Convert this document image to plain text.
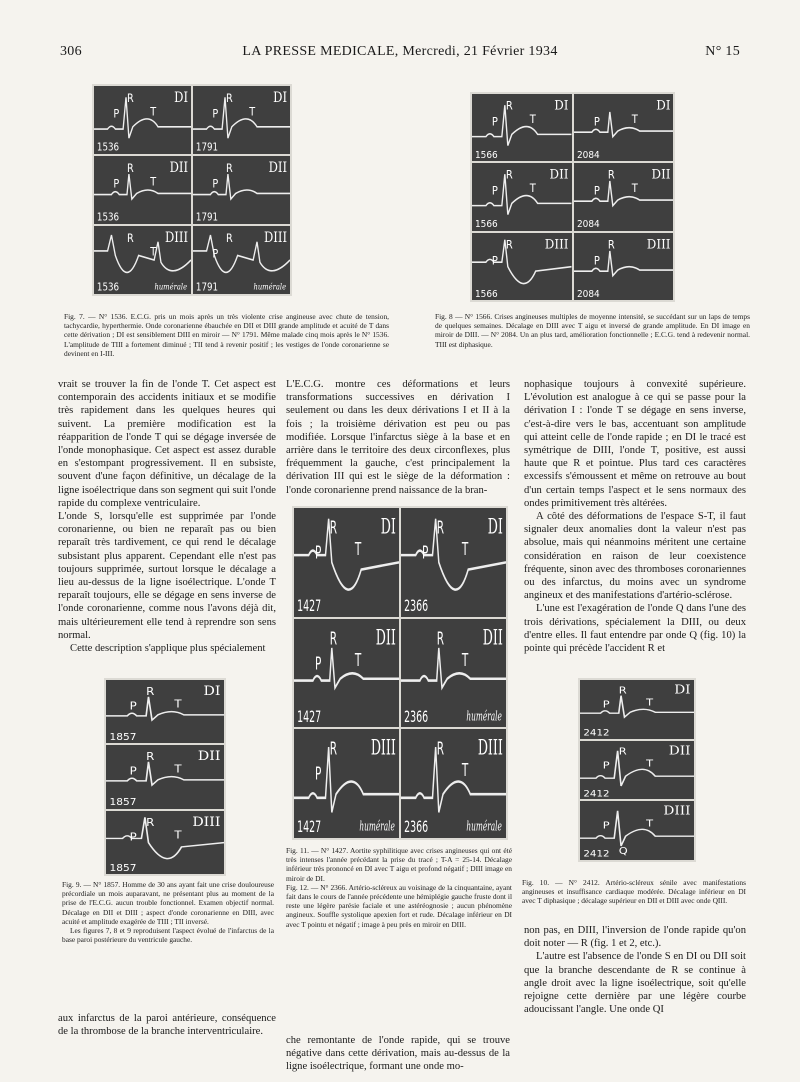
306	LA PRESSE MEDICALE, Mercredi, 21 Février 1934	N° 15
DI
P
R
T
1536
DI
P
R
T
1791
DII
P
R
T
1536
DII
P
R
1791
DIII
R
T
1536	humérale
DIII
P
R
1791	humérale
DI
P
R
T
1566
DI
P	T
2084
DII
P
R
T
1566
DII
P
R
T
2084
DIII
P
R
1566
DIII
P
R
2084
DI
P
R
T
1857
DII
P
R
T
1857
DIII
P
R
T
1857
DI
R
P	T
1427
DI
R
P	T
2366
DII
R
P	T
1427
DII
R
T
2366	humérale
DIII
R
P
1427	humérale
DIII
R
T
2366	humérale
DI
P
R
T
2412
DII
P
R
T
2412
DIII
P
Q
T
2412
Fig. 7. — N° 1536. E.C.G. pris un mois après un très violente crise angineuse avec chute de tension, tachycardie, hyperthermie. Onde coronarienne ébauchée en DII et DIII grande amplitude et acuité de T dans cette dérivation ; DI est sensiblement DIII en miroir — N° 1791. Même malade cinq mois après le N° 1536. L'amplitude de TIII a fortement diminué ; TII tend à revenir positif ; les vestiges de l'onde coronarienne se devinent en I-III.
Fig. 8 — N° 1566. Crises angineuses multiples de moyenne intensité, se succédant sur un laps de temps de quelques semaines. Décalage en DIII avec T aigu et inversé de grande amplitude. En DI image en miroir de DIII. — N° 2084. Un an plus tard, amélioration fonctionnelle ; E.C.G. tend à redevenir normal. TIII est diphasique.
Fig. 9. — N° 1857. Homme de 30 ans ayant fait une crise douloureuse précordiale un mois auparavant, ne présentant plus au moment de la prise de l'E.C.G. aucun trouble fonctionnel. Examen objectif normal. Décalage en DII et DIII ; aspect d'onde coronarienne en DIII, avec acuité et amplitude exagérée de TIII ; TII inversé.
Les figures 7, 8 et 9 reproduisent l'aspect évolué de l'infarctus de la base paroi postérieure du ventricule gauche.
Fig. 11. — N° 1427. Aortite syphilitique avec crises angineuses qui ont été très intenses l'année précédant la prise du tracé ; T-A = 25-14. Décalage inférieur très prononcé en DI avec T aigu et profond négatif ; DIII image en miroir de DI.
Fig. 12. — N° 2366. Artério-scléreux au voisinage de la cinquantaine, ayant fait dans le cours de l'année précédente une hémiplégie gauche fruste dont il reste une légère parésie faciale et une astéréognosie ; aucun phénomène angineux. Souffle systolique apexien fort et rude. Décalage inférieur en DI avec T pointu et négatif ; image à peu près en miroir en DIII.
Fig. 10. — N° 2412. Artério-scléreux sénile avec manifestations angineuses et insuffisance cardiaque modérée. Décalage inférieur en DI avec T diphasique ; décalage supérieur en DII et DIII avec onde QIII.

vrait se trouver la fin de l'onde T. Cet aspect est contemporain des accidents initiaux et se modifie très rapidement dans les quelques heures qui suivent. La première modification est la réapparition de l'onde T qui se dégage inversée de l'onde monophasique. Cet aspect est assez durable en s'estompant progressivement. Il en subsiste, souvent d'une façon définitive, un décalage de la ligne isoélectrique dans son segment qui suit l'onde rapide du complexe ventriculaire.

L'onde S, lorsqu'elle est supprimée par l'onde coronarienne, ou bien ne reparaît pas ou bien reparaît très tardivement, ce qui rend le décalage subsistant plus apparent. Cependant elle n'est pas toujours supprimée, surtout lorsque le décalage a lieu au-dessus de la ligne isoélectrique. L'onde T reparaît toujours, elle se dégage en sens inverse de l'onde coronarienne, comme nous l'avons déjà dit, mais ultérieurement elle tend à reprendre son sens normal.

Cette description s'applique plus spécialement

aux infarctus de la paroi antérieure, conséquence de la thrombose de la branche interventriculaire.

L'E.C.G. montre ces déformations et leurs transformations successives en dérivation I seulement ou dans les deux dérivations I et II à la fois ; la troisième dérivation est peu ou pas modifiée. Lorsque l'infarctus siège à la base et en arrière dans le territoire des deux circonflexes, plus fréquemment la gauche, c'est principalement la dérivation III qui est le siège de la déformation : l'onde coronarienne prend naissance de la bran-

che remontante de l'onde rapide, qui se trouve négative dans cette dérivation, mais au-dessus de la ligne isoélectrique, formant une onde mo-

nophasique toujours à convexité supérieure. L'évolution est analogue à ce qui se passe pour la dérivation I : l'onde T se dégage en sens inverse, c'est-à-dire vers le bas, accentuant son amplitude qui atteint celle de l'onde rapide ; en DI le tracé est symétrique de DIII, l'onde T, positive, est aussi haute que R et pointue. Plus tard ces caractères excessifs s'émoussent et même on retrouve au bout d'un certain temps l'aspect et le sens normaux des ondes primitivement très altérées.

A côté des déformations de l'espace S-T, il faut signaler deux anomalies dont la valeur n'est pas absolue, mais qui néanmoins méritent une certaine considération en raison de leur coexistence fréquente, sinon avec des thromboses coronariennes ou des infarctus, du moins avec un syndrome angineux et des manifestations d'artério-sclérose.

L'une est l'exagération de l'onde Q dans l'une des trois dérivations, spécialement la DIII, ou deux d'entre elles. Il faut entendre par onde Q (fig. 10) la pointe qui précède l'accident R et

non pas, en DIII, l'inversion de l'onde rapide qu'on doit noter — R (fig. 1 et 2, etc.).

L'autre est l'absence de l'onde S en DI ou DII soit que la branche descendante de R se continue à angle droit avec la ligne isoélectrique, soit qu'elle rejoigne cette dernière par une légère courbe adoucissant l'angle. Une onde QI
